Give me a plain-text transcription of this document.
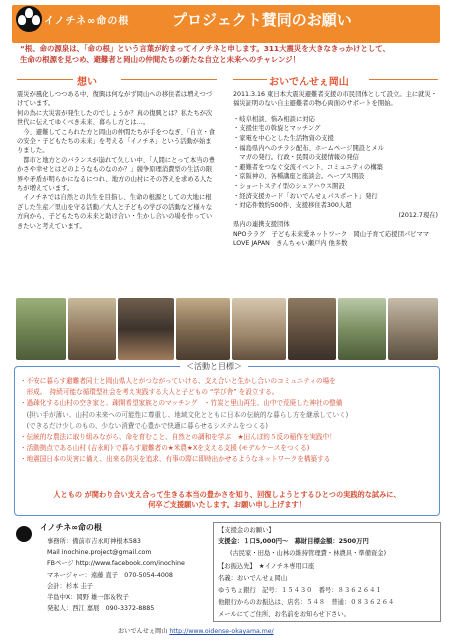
イノチネ∞命の根	プロジェクト賛同のお願い
“根、命の源泉は、「命の根」という言葉が約まってイノチネと申します。311大震災を大きなきっかけとして、
生命の根源を見つめ、避難者と岡山の仲間たちの新たな自立と未来へのチャレンジ！
想い	おいでんせぇ岡山

震災が風化しつつある中、復興は何ながず岡山への移住者は増えつづけています。

何の為に大災害が発生したのでしょうか？真の復興とは？私たちが次世代に伝えてゆくべき未来、暮らし方とは…。

今、避難してこられた方と岡山の仲間たちが手をつなぎ、「自立・食の安全・子どもたちの未来」を考える「イノチネ」という活動が始まりました。

都市と地方とのバランスが崩れて久しい中、「人間にとって本当の豊かさや幸せとはどのようなものなのか？」競争原理消費型の生活の限界や矛盾が明らかになるにつれ、地方の山村にその答えを求める人たちが増えています。

イノチネでは自然との共生を目指し、生命の根源としての大地に根ざした生産／里山を守る活動／大人と子どもの学びの活動など様々な方向から、子どもたちの未来と助け合い・生かし合いの場を作っていきたいと考えています。

2011.3.16 東日本大震災避難者支援の市民団体として設立。主に就災・福災証明のない自主避難者の物心両面のサポートを開始。

・岐阜相談、悩み相談に対応
・支援住宅の斡旋とマッチング
・家電を中心とした生活物資の支援
・福島県内へのチラシ配布、ホームページ開設とメル
　マガの発行。行政・民間の支援情報の発信
・避難者をつなぐ交流イベント、コミュニティの構築
・京阪神の、各種講座と座談会。へーブス開設
・ショートステイ型のシェアハウス開設
・経済支援カード「おいでんせぇパスポート」発行
・対応件数約500件、支援移住者300人超

(2012.7現在)

県内の連携支援団体

NPOララグ　子ども未来愛ネットワーク　岡山子育て応援団パピママ　LOVE JAPAN　きんちゃい瀬戸内 他多数

＜活動と目標＞
・不安に暮らす避難者同士と岡山県人とがつながっていける、支え合いと生かし合いのコミュニティの場を
　形成。　持続可能な循環型社会を考え実践する大人と子どもの “学び舎” を設立する。
・過疎化する山村の空き家と、疎開希望家族とのマッチング　・竹炭と里山再生、山中で荒廃した神社の整備
　(担い手が薄い、山村の未来への可能性に尊重し、地域文化とともに日本の伝統的な暮らし方を継承していく)
　(できるだけ少しのもの、少ない消費で心豊かで快適に暮らせるシステムをつくる)
・伝統的な農法に取り組みながら、命を育むこと、自然との調和を学ぶ　★田んぼ約５反の稲作を実践中！
・活動拠点である山村 (吉永町) で暮らす避難者の★米農★Xを支える支援 (モデルケースをつくる)
・地震国日本の災害に備え、出来る防災を追求、有事の際に即時出かせるようなネットワークを構築する
人ともの が関わり合い支え合って生きる本当の豊かさを知り、回復しようとするひとつの実践的な試みに、
何卒ご支援願いたします。お願い申し上げます！
イノチネ∞命の根
事務所：備前市吉永町神根本583
Mail inochine.project@gmail.com
FBページ http://www.facebook.com/inochine
マネージャー：遠藤 直子　070-5054-4008
会計：杉本 圭子
半島中X：岡野 雄一郎＆牧子
発起人：西江 嘉展　090-3372-8885
【支援金のお願い】
支援金：１口5,000円〜　募財目標金額：2500万円
(古民家・田島・山林の維持管理費・林農具・準備資金)
【お振込先】　★イノチネ専用口座
名義：おいでんせぇ岡山
ゆうちょ銀行　記号：１５４３０　番号：８３６２６４１
他銀行からのお振込は、店名：５４８　普通：０８３６２６４
メールにてご住所、お名前をお知らせ下さい。
おいでんせぇ岡山 http://www.oidense-okayama.me/
